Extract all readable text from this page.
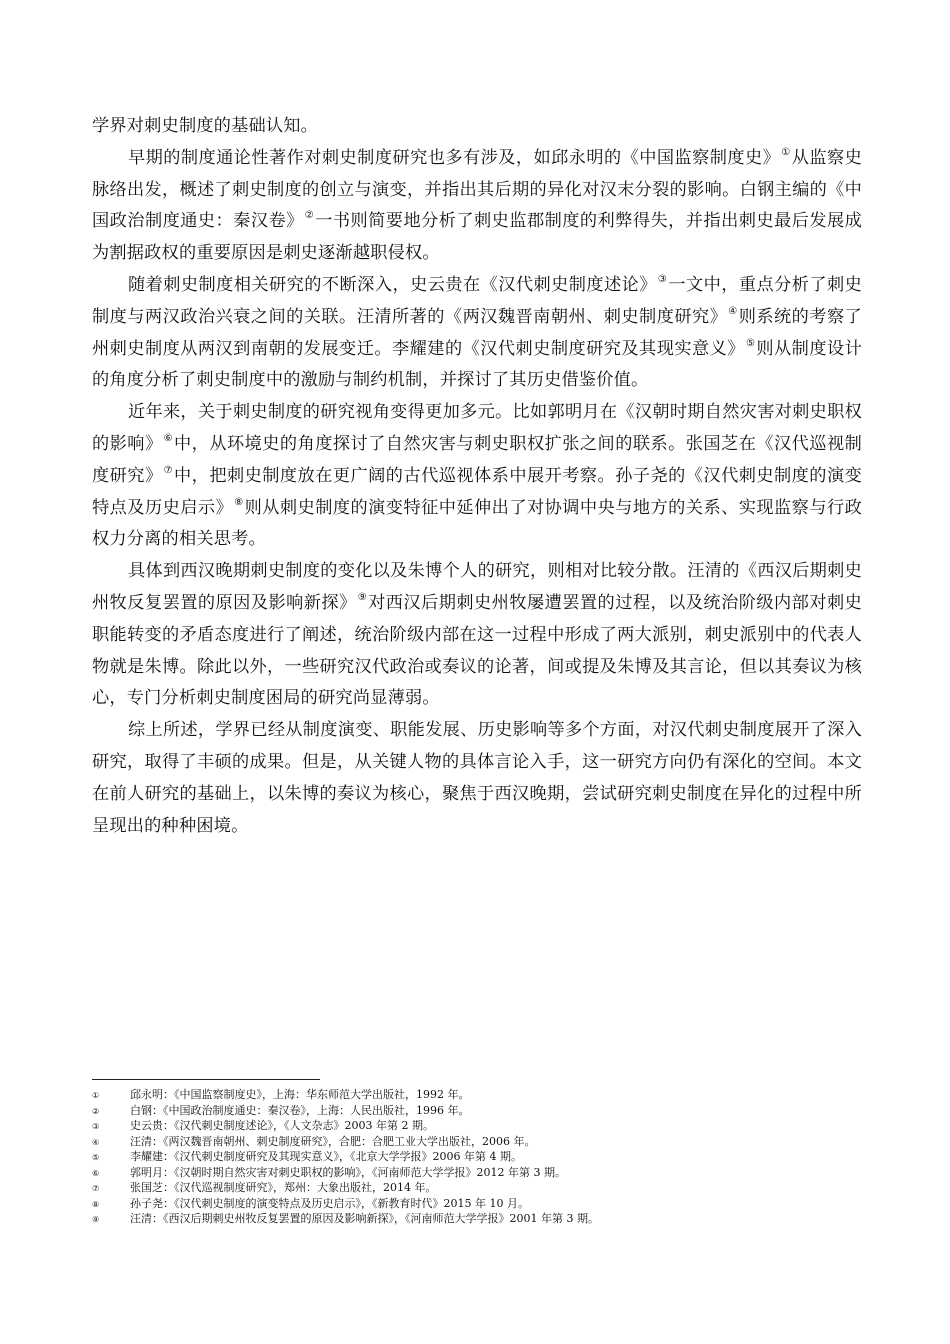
学界对刺史制度的基础认知。

早期的制度通论性著作对刺史制度研究也多有涉及，如邱永明的《中国监察制度史》①从监察史脉络出发，概述了刺史制度的创立与演变，并指出其后期的异化对汉末分裂的影响。白钢主编的《中国政治制度通史：秦汉卷》②一书则简要地分析了刺史监郡制度的利弊得失，并指出刺史最后发展成为割据政权的重要原因是刺史逐渐越职侵权。

随着刺史制度相关研究的不断深入，史云贵在《汉代刺史制度述论》③一文中，重点分析了刺史制度与两汉政治兴衰之间的关联。汪清所著的《两汉魏晋南朝州、刺史制度研究》④则系统的考察了州刺史制度从两汉到南朝的发展变迁。李耀建的《汉代刺史制度研究及其现实意义》⑤则从制度设计的角度分析了刺史制度中的激励与制约机制，并探讨了其历史借鉴价值。

近年来，关于刺史制度的研究视角变得更加多元。比如郭明月在《汉朝时期自然灾害对刺史职权的影响》⑥中，从环境史的角度探讨了自然灾害与刺史职权扩张之间的联系。张国芝在《汉代巡视制度研究》⑦中，把刺史制度放在更广阔的古代巡视体系中展开考察。孙子尧的《汉代刺史制度的演变特点及历史启示》⑧则从刺史制度的演变特征中延伸出了对协调中央与地方的关系、实现监察与行政权力分离的相关思考。

具体到西汉晚期刺史制度的变化以及朱博个人的研究，则相对比较分散。汪清的《西汉后期刺史州牧反复罢置的原因及影响新探》⑨对西汉后期刺史州牧屡遭罢置的过程，以及统治阶级内部对刺史职能转变的矛盾态度进行了阐述，统治阶级内部在这一过程中形成了两大派别，刺史派别中的代表人物就是朱博。除此以外，一些研究汉代政治或奏议的论著，间或提及朱博及其言论，但以其奏议为核心，专门分析刺史制度困局的研究尚显薄弱。

综上所述，学界已经从制度演变、职能发展、历史影响等多个方面，对汉代刺史制度展开了深入研究，取得了丰硕的成果。但是，从关键人物的具体言论入手，这一研究方向仍有深化的空间。本文在前人研究的基础上，以朱博的奏议为核心，聚焦于西汉晚期，尝试研究刺史制度在异化的过程中所呈现出的种种困境。

①	邱永明：《中国监察制度史》，上海：华东师范大学出版社，1992 年。
②	白钢：《中国政治制度通史：秦汉卷》，上海：人民出版社，1996 年。
③	史云贵：《汉代刺史制度述论》，《人文杂志》2003 年第 2 期。
④	汪清：《两汉魏晋南朝州、刺史制度研究》，合肥：合肥工业大学出版社，2006 年。
⑤	李耀建：《汉代刺史制度研究及其现实意义》，《北京大学学报》2006 年第 4 期。
⑥	郭明月：《汉朝时期自然灾害对刺史职权的影响》，《河南师范大学学报》2012 年第 3 期。
⑦	张国芝：《汉代巡视制度研究》，郑州：大象出版社，2014 年。
⑧	孙子尧：《汉代刺史制度的演变特点及历史启示》，《新教育时代》2015 年 10 月。
⑨	汪清：《西汉后期刺史州牧反复罢置的原因及影响新探》，《河南师范大学学报》2001 年第 3 期。
